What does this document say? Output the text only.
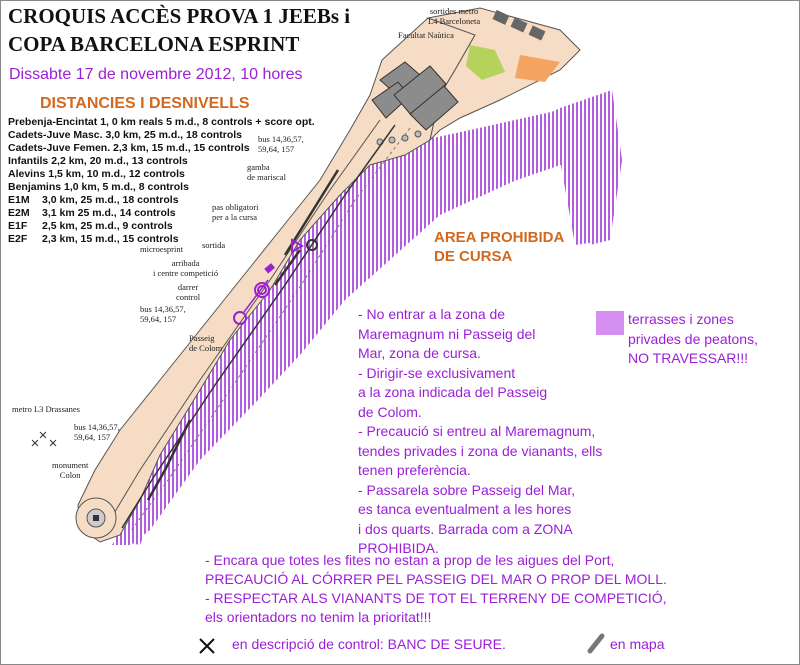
CROQUIS ACCÈS PROVA 1 JEEBs i
COPA BARCELONA ESPRINT
Dissabte 17 de novembre 2012, 10 hores
DISTANCIES I DESNIVELLS
Prebenja-Encintat 1, 0 km reals 5 m.d., 8 controls + score opt.
Cadets-Juve Masc. 3,0 km, 25 m.d., 18 controls
Cadets-Juve Femen. 2,3 km, 15 m.d., 15 controls
Infantils 2,2 km, 20 m.d., 13 controls
Alevins 1,5 km, 10 m.d., 12 controls
Benjamins 1,0 km, 5 m.d., 8 controls
E1M 3,0 km, 25 m.d., 18 controls
E2M 3,1 km 25 m.d., 14 controls
E1F 2,5 km, 25 m.d., 9 controls
E2F 2,3 km, 15 m.d., 15 controls
sortides metro
L4 Barceloneta
Facultat Naùtica
bus 14,36,57,
59,64, 157
gamba
de mariscal
pas obligatori
per a la cursa
sortida
microesprint
arribada
i centre competició
darrer
control
bus 14,36,57,
59,64, 157
Passeig
de Colom
metro L3 Drassanes
bus 14,36,57,
59,64, 157
monument
Colon
AREA PROHIBIDA
DE CURSA
- No entrar a la zona de
Maremagnum ni Passeig del
Mar, zona de cursa.
- Dirigir-se exclusivament
a la zona indicada del Passeig
de Colom.
- Precaució si entreu al Maremagnum,
tendes privades i zona de vianants, ells
tenen preferència.
- Passarela sobre Passeig del Mar,
es tanca eventualment a les hores
i dos quarts. Barrada com a ZONA
PROHIBIDA.
terrasses i zones
privades de peatons,
NO TRAVESSAR!!!
- Encara que totes les fites no estan a prop de les aigues del Port,
PRECAUCIÓ AL CÓRRER PEL PASSEIG DEL MAR O PROP DEL MOLL.
- RESPECTAR ALS VIANANTS DE TOT EL TERRENY DE COMPETICIÓ,
els orientadors no tenim la prioritat!!!
en descripció de control: BANC DE SEURE.	en mapa
